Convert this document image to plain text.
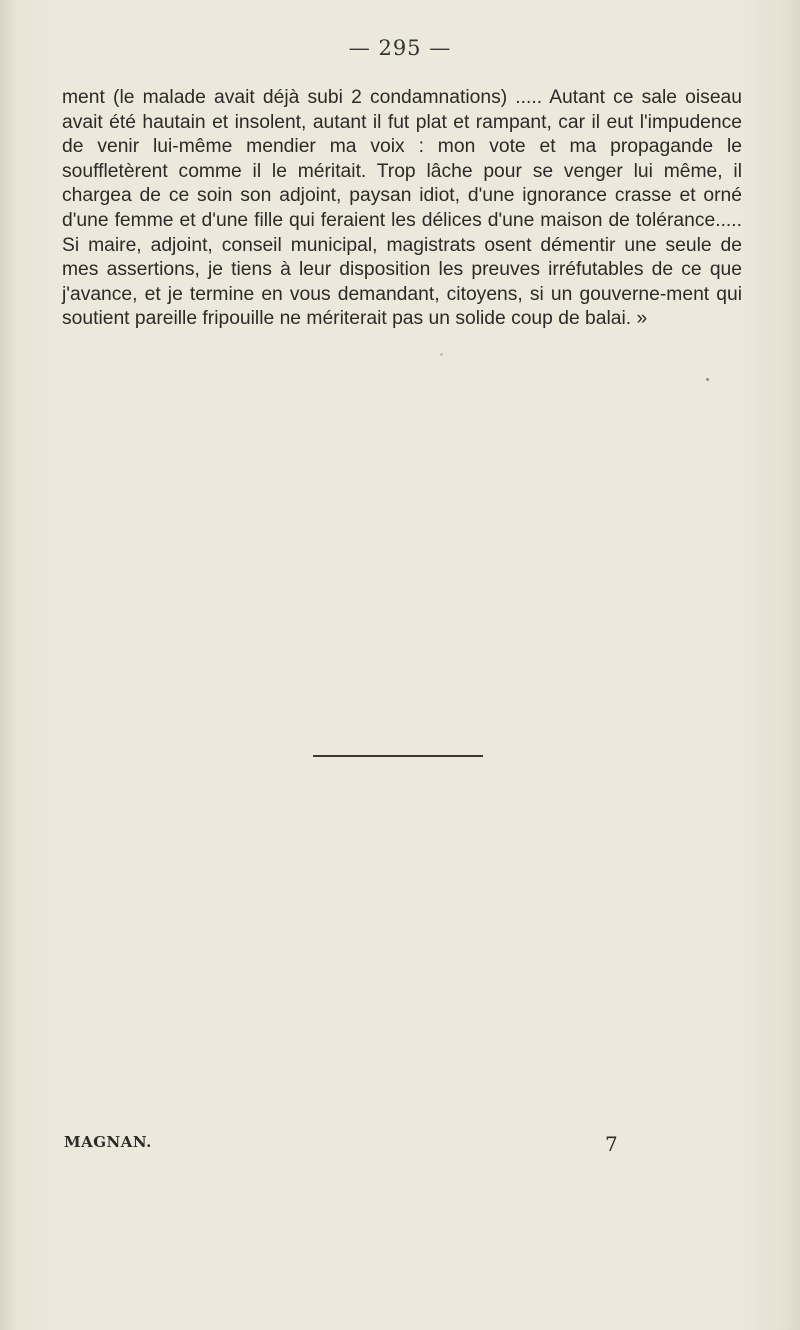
— 295 —

ment (le malade avait déjà subi 2 condamnations) ..... Autant ce sale oiseau avait été hautain et insolent, autant il fut plat et rampant, car il eut l'impudence de venir lui-même mendier ma voix : mon vote et ma propagande le souffletèrent comme il le méritait. Trop lâche pour se venger lui même, il chargea de ce soin son adjoint, paysan idiot, d'une ignorance crasse et orné d'une femme et d'une fille qui feraient les délices d'une maison de tolérance..... Si maire, adjoint, conseil municipal, magistrats osent démentir une seule de mes assertions, je tiens à leur disposition les preuves irréfutables de ce que j'avance, et je termine en vous demandant, citoyens, si un gouverne-ment qui soutient pareille fripouille ne mériterait pas un solide coup de balai. »

MAGNAN.	7
